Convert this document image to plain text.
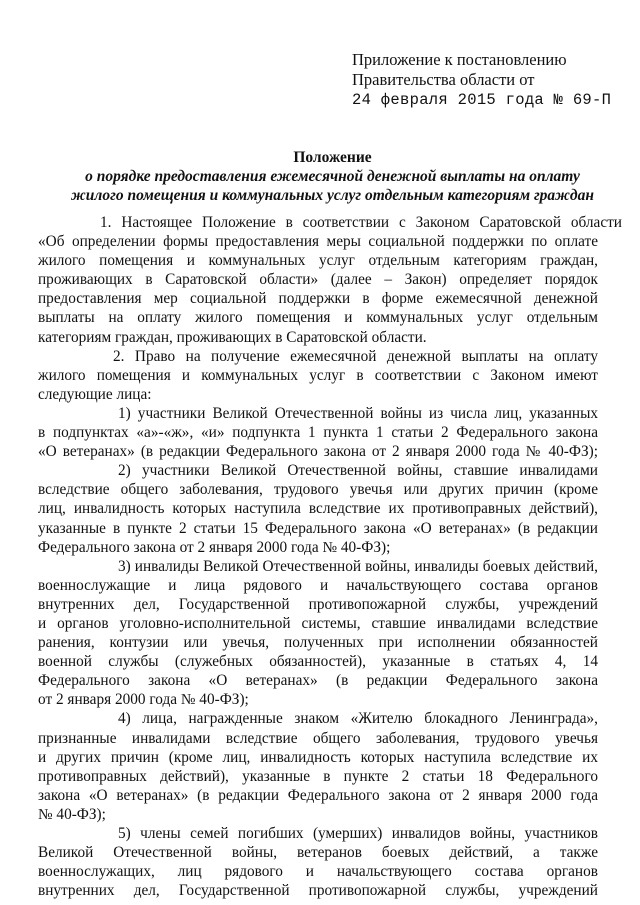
Приложение к постановлению
Правительства области от
24 февраля 2015 года № 69-П
Положение
о порядке предоставления ежемесячной денежной выплаты на оплату
жилого помещения и коммунальных услуг отдельным категориям граждан
1. Настоящее Положение в соответствии с Законом Саратовской области
«Об определении формы предоставления меры социальной поддержки по оплате
жилого помещения и коммунальных услуг отдельным категориям граждан,
проживающих в Саратовской области» (далее – Закон) определяет порядок
предоставления мер социальной поддержки в форме ежемесячной денежной
выплаты на оплату жилого помещения и коммунальных услуг отдельным
категориям граждан, проживающих в Саратовской области.
2. Право на получение ежемесячной денежной выплаты на оплату
жилого помещения и коммунальных услуг в соответствии с Законом имеют
следующие лица:
1) участники Великой Отечественной войны из числа лиц, указанных
в подпунктах «а»-«ж», «и» подпункта 1 пункта 1 статьи 2 Федерального закона
«О ветеранах» (в редакции Федерального закона от 2 января 2000 года № 40-ФЗ);
2) участники Великой Отечественной войны, ставшие инвалидами
вследствие общего заболевания, трудового увечья или других причин (кроме
лиц, инвалидность которых наступила вследствие их противоправных действий),
указанные в пункте 2 статьи 15 Федерального закона «О ветеранах» (в редакции
Федерального закона от 2 января 2000 года № 40-ФЗ);
3) инвалиды Великой Отечественной войны, инвалиды боевых действий,
военнослужащие и лица рядового и начальствующего состава органов
внутренних дел, Государственной противопожарной службы, учреждений
и органов уголовно-исполнительной системы, ставшие инвалидами вследствие
ранения, контузии или увечья, полученных при исполнении обязанностей
военной службы (служебных обязанностей), указанные в статьях 4, 14
Федерального закона «О ветеранах» (в редакции Федерального закона
от 2 января 2000 года № 40-ФЗ);
4) лица, награжденные знаком «Жителю блокадного Ленинграда»,
признанные инвалидами вследствие общего заболевания, трудового увечья
и других причин (кроме лиц, инвалидность которых наступила вследствие их
противоправных действий), указанные в пункте 2 статьи 18 Федерального
закона «О ветеранах» (в редакции Федерального закона от 2 января 2000 года
№ 40-ФЗ);
5) члены семей погибших (умерших) инвалидов войны, участников
Великой Отечественной войны, ветеранов боевых действий, а также
военнослужащих, лиц рядового и начальствующего состава органов
внутренних дел, Государственной противопожарной службы, учреждений
